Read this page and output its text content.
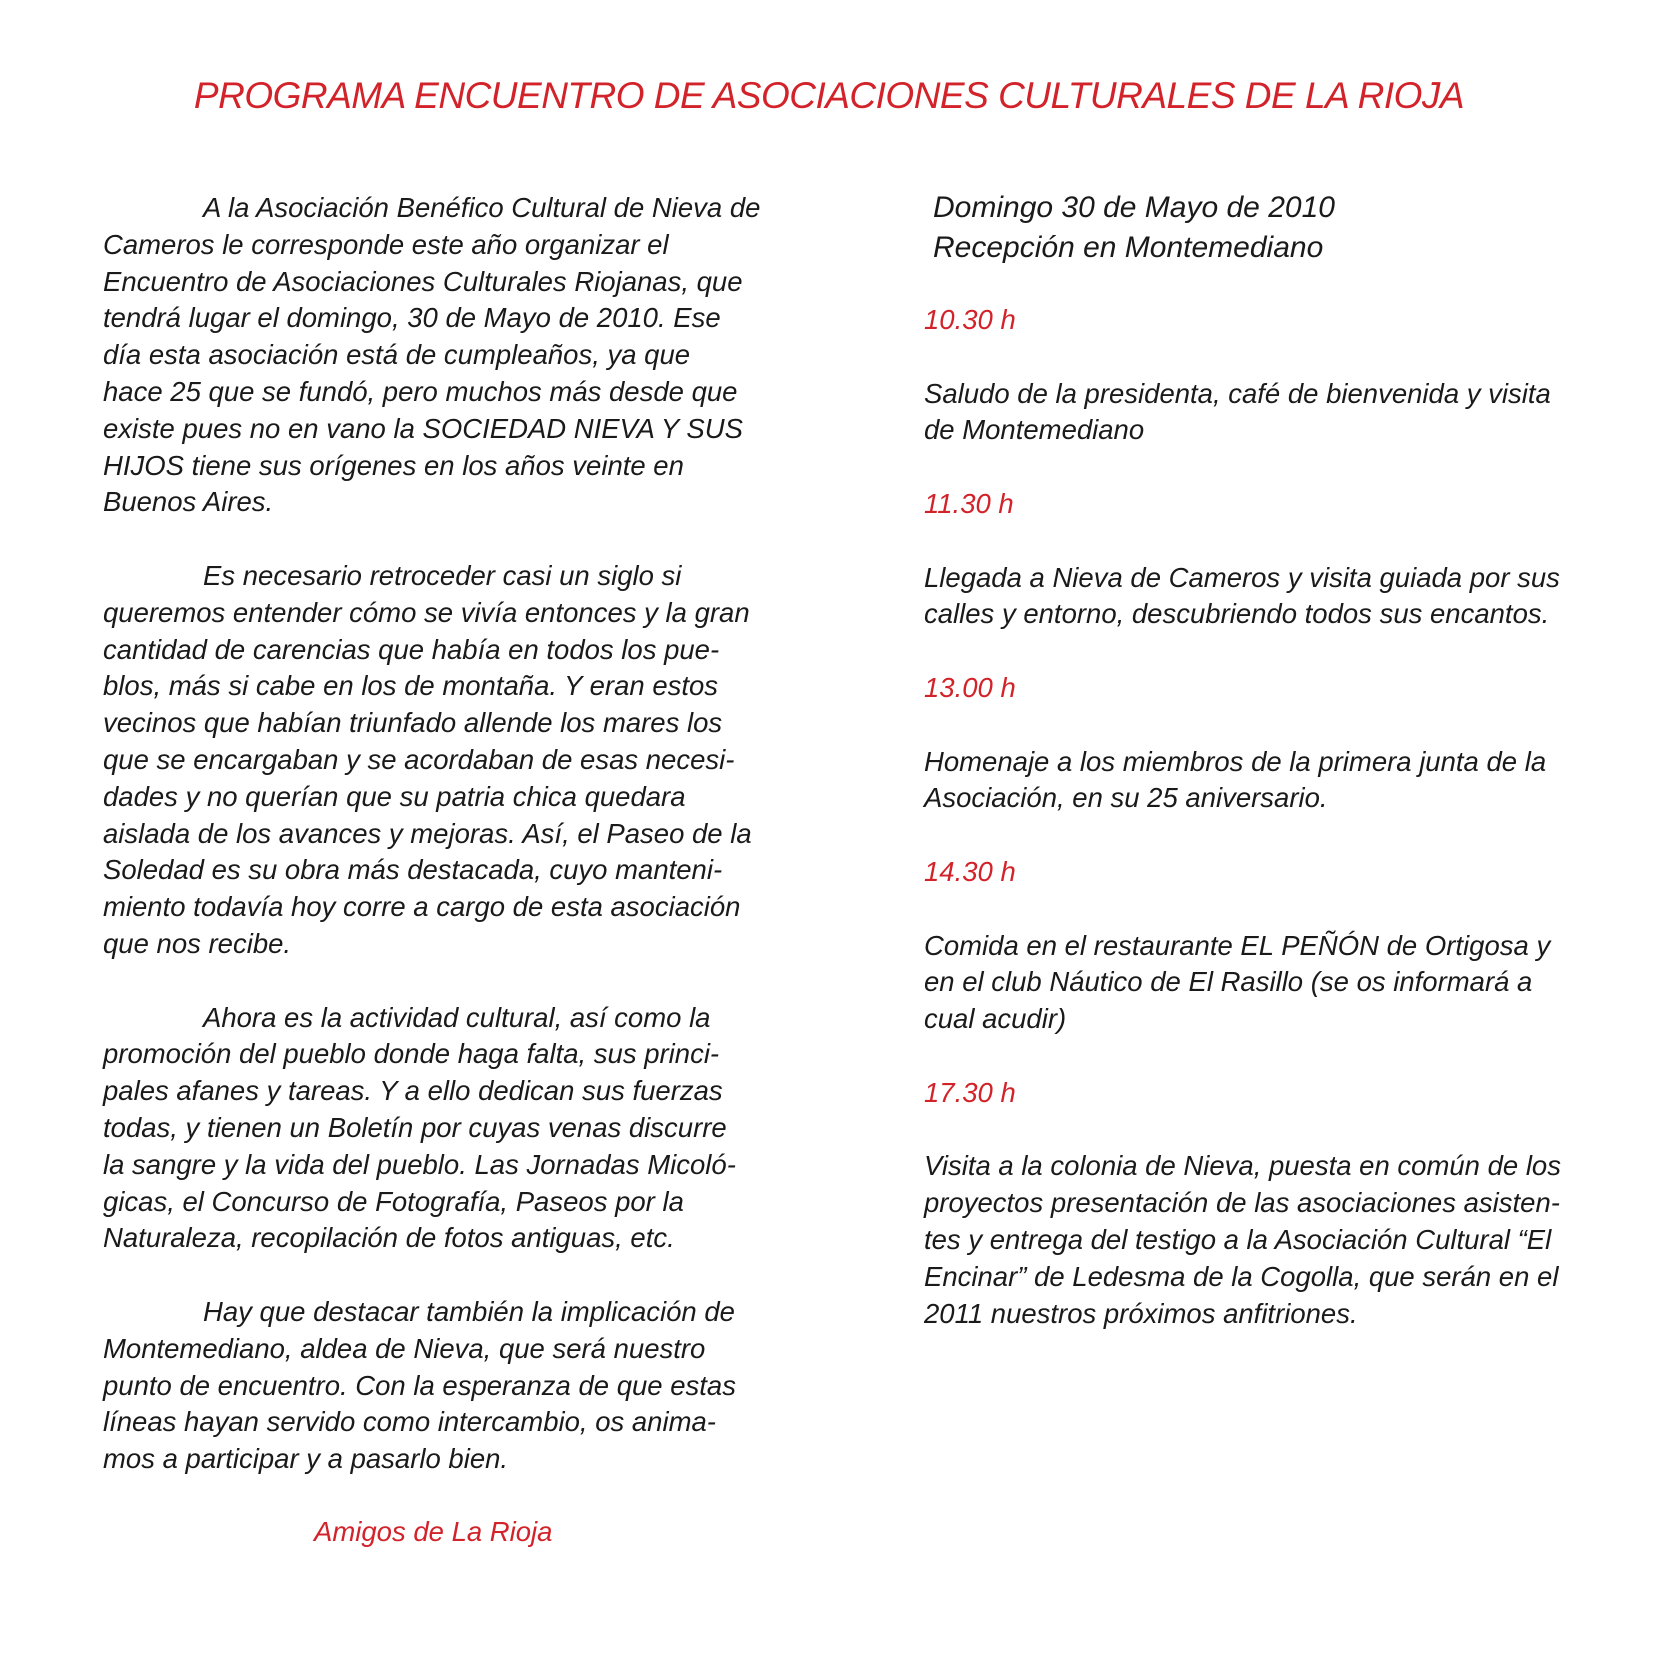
PROGRAMA ENCUENTRO DE ASOCIACIONES CULTURALES DE LA RIOJA
A la Asociación Benéfico Cultural de Nieva de
Cameros le corresponde este año organizar el
Encuentro de Asociaciones Culturales Riojanas, que
tendrá lugar el domingo, 30 de Mayo de 2010. Ese
día esta asociación está de cumpleaños, ya que
hace 25 que se fundó, pero muchos más desde que
existe pues no en vano la SOCIEDAD NIEVA Y SUS
HIJOS tiene sus orígenes en los años veinte en
Buenos Aires.
Es necesario retroceder casi un siglo si
queremos entender cómo se vivía entonces y la gran
cantidad de carencias que había en todos los pue-
blos, más si cabe en los de montaña. Y eran estos
vecinos que habían triunfado allende los mares los
que se encargaban y se acordaban de esas necesi-
dades y no querían que su patria chica quedara
aislada de los avances y mejoras. Así, el Paseo de la
Soledad es su obra más destacada, cuyo manteni-
miento todavía hoy corre a cargo de esta asociación
que nos recibe.
Ahora es la actividad cultural, así como la
promoción del pueblo donde haga falta, sus princi-
pales afanes y tareas. Y a ello dedican sus fuerzas
todas, y tienen un Boletín por cuyas venas discurre
la sangre y la vida del pueblo. Las Jornadas Micoló-
gicas, el Concurso de Fotografía, Paseos por la
Naturaleza, recopilación de fotos antiguas, etc.
Hay que destacar también la implicación de
Montemediano, aldea de Nieva, que será nuestro
punto de encuentro. Con la esperanza de que estas
líneas hayan servido como intercambio, os anima-
mos a participar y a pasarlo bien.
Amigos de La Rioja
Domingo 30 de Mayo de 2010
Recepción en Montemediano
10.30 h
Saludo de la presidenta, café de bienvenida y visita
de Montemediano
11.30 h
Llegada a Nieva de Cameros y visita guiada por sus
calles y entorno, descubriendo todos sus encantos.
13.00 h
Homenaje a los miembros de la primera junta de la
Asociación, en su 25 aniversario.
14.30 h
Comida en el restaurante EL PEÑÓN de Ortigosa y
en el club Náutico de El Rasillo (se os informará a
cual acudir)
17.30 h
Visita a la colonia de Nieva, puesta en común de los
proyectos presentación de las asociaciones asisten-
tes y entrega del testigo a la Asociación Cultural “El
Encinar” de Ledesma de la Cogolla, que serán en el
2011 nuestros próximos anfitriones.
